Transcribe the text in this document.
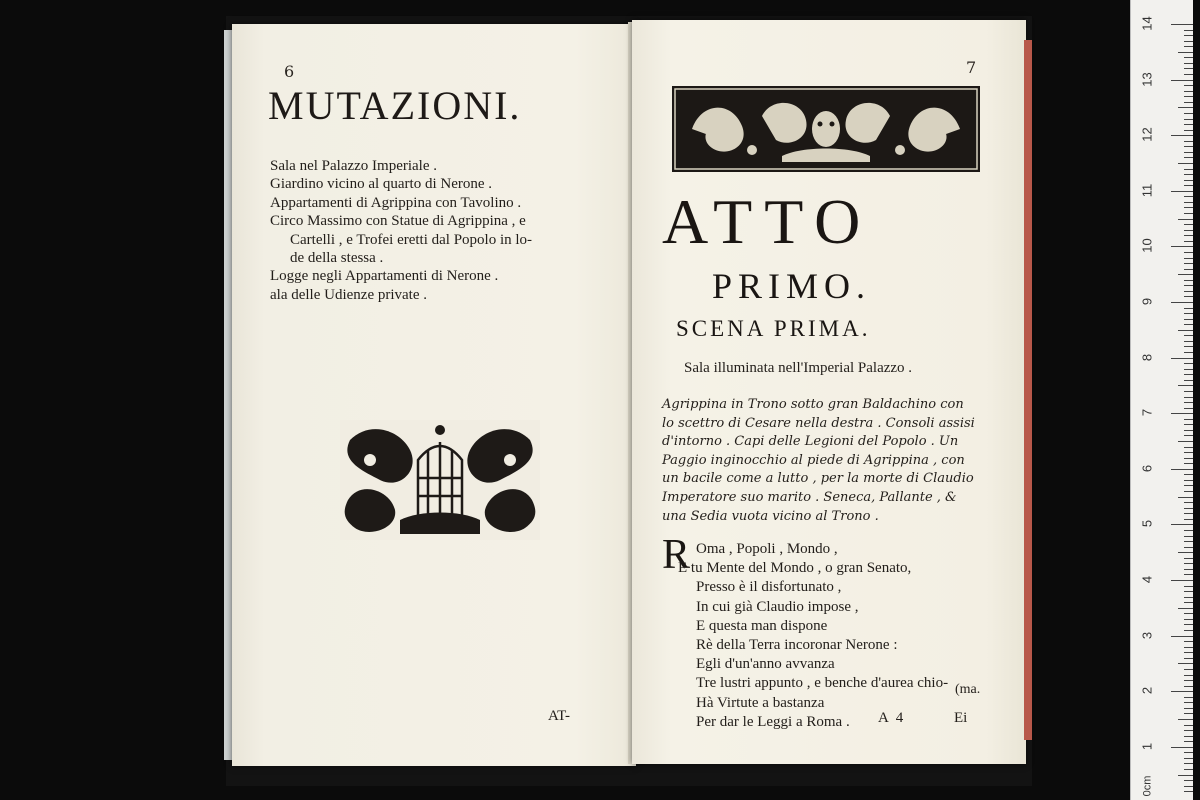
6
MUTAZIONI.
Sala nel Palazzo Imperiale .
Giardino vicino al quarto di Nerone .
Appartamenti di Agrippina con Tavolino .
Circo Massimo con Statue di Agrippina , e
Cartelli , e Trofei eretti dal Popolo in lo-
de della stessa .
Logge negli Appartamenti di Nerone .
ala delle Udienze private .
AT-
7
ATTO
PRIMO.
SCENA PRIMA.
Sala illuminata nell'Imperial Palazzo .
Agrippina in Trono sotto gran Baldachino con
lo scettro di Cesare nella destra . Consoli assisi
d'intorno . Capi delle Legioni del Popolo . Un
Paggio inginocchio al piede di Agrippina , con
un bacile come a lutto , per la morte di Claudio
Imperatore suo marito . Seneca, Pallante , &
una Sedia vuota vicino al Trono .
R Oma , Popoli , Mondo ,
E tu Mente del Mondo , o gran Senato,
Presso è il disfortunato ,
In cui già Claudio impose ,
E questa man dispone
Rè della Terra incoronar Nerone :
Egli d'un'anno avvanza
Tre lustri appunto , e benche d'aurea chio-
Hà Virtute a bastanza
Per dar le Leggi a Roma .
(ma.
A 4	Ei
0cm
14
13
12
11
10
9
8
7
6
5
4
3
2
1
